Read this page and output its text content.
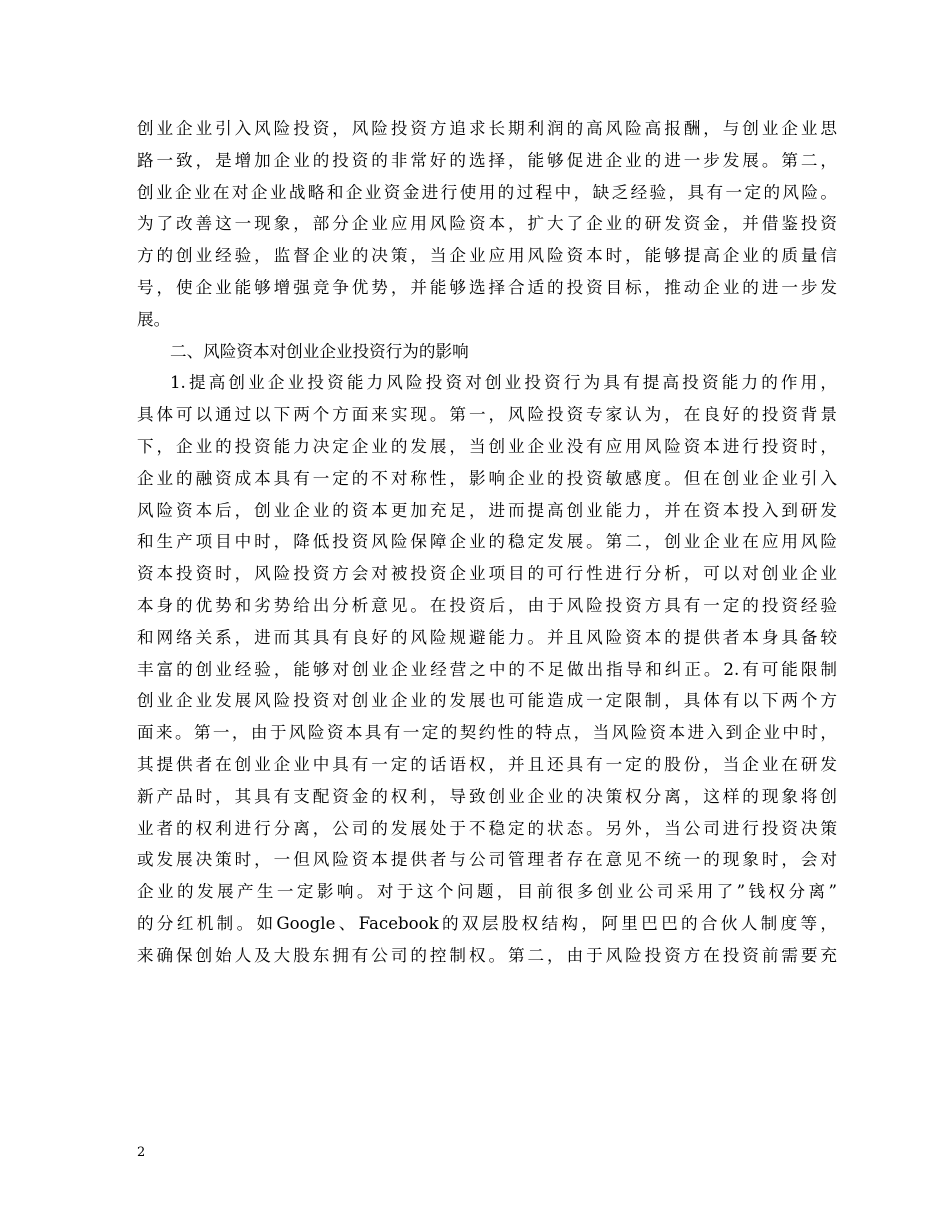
创业企业引入风险投资，风险投资方追求长期利润的高风险高报酬，与创业企业思
路一致，是增加企业的投资的非常好的选择，能够促进企业的进一步发展。第二，
创业企业在对企业战略和企业资金进行使用的过程中，缺乏经验，具有一定的风险。
为了改善这一现象，部分企业应用风险资本，扩大了企业的研发资金，并借鉴投资
方的创业经验，监督企业的决策，当企业应用风险资本时，能够提高企业的质量信
号，使企业能够增强竞争优势，并能够选择合适的投资目标，推动企业的进一步发
展。
二、风险资本对创业企业投资行为的影响
1.提高创业企业投资能力风险投资对创业投资行为具有提高投资能力的作用，
具体可以通过以下两个方面来实现。第一，风险投资专家认为，在良好的投资背景
下，企业的投资能力决定企业的发展，当创业企业没有应用风险资本进行投资时，
企业的融资成本具有一定的不对称性，影响企业的投资敏感度。但在创业企业引入
风险资本后，创业企业的资本更加充足，进而提高创业能力，并在资本投入到研发
和生产项目中时，降低投资风险保障企业的稳定发展。第二，创业企业在应用风险
资本投资时，风险投资方会对被投资企业项目的可行性进行分析，可以对创业企业
本身的优势和劣势给出分析意见。在投资后，由于风险投资方具有一定的投资经验
和网络关系，进而其具有良好的风险规避能力。并且风险资本的提供者本身具备较
丰富的创业经验，能够对创业企业经营之中的不足做出指导和纠正。2.有可能限制
创业企业发展风险投资对创业企业的发展也可能造成一定限制，具体有以下两个方
面来。第一，由于风险资本具有一定的契约性的特点，当风险资本进入到企业中时，
其提供者在创业企业中具有一定的话语权，并且还具有一定的股份，当企业在研发
新产品时，其具有支配资金的权利，导致创业企业的决策权分离，这样的现象将创
业者的权利进行分离，公司的发展处于不稳定的状态。另外，当公司进行投资决策
或发展决策时，一但风险资本提供者与公司管理者存在意见不统一的现象时，会对
企业的发展产生一定影响。对于这个问题，目前很多创业公司采用了”钱权分离”
的分红机制。如Google、Facebook的双层股权结构，阿里巴巴的合伙人制度等，
来确保创始人及大股东拥有公司的控制权。第二，由于风险投资方在投资前需要充
2
